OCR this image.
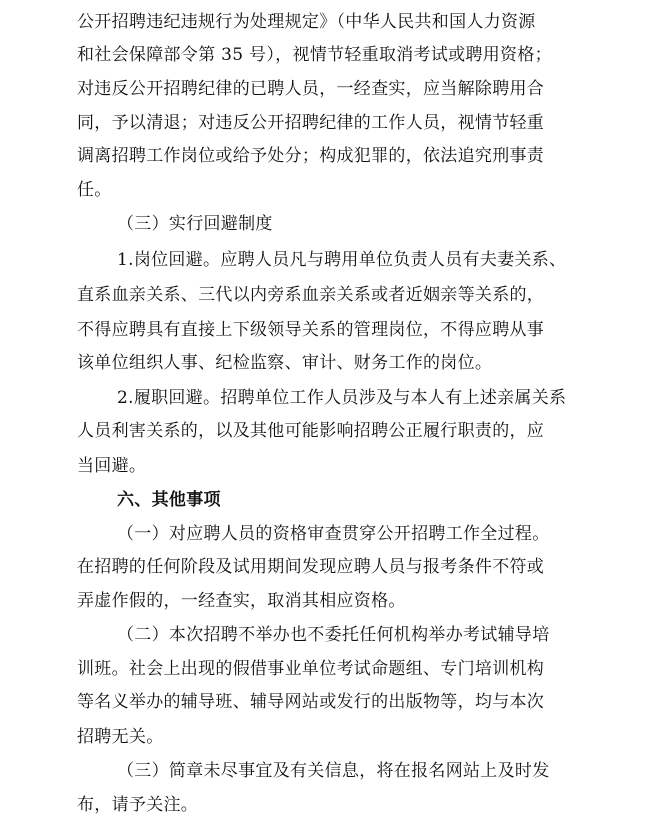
公开招聘违纪违规行为处理规定》（中华人民共和国人力资源
和社会保障部令第 35 号），视情节轻重取消考试或聘用资格；
对违反公开招聘纪律的已聘人员，一经查实，应当解除聘用合
同，予以清退；对违反公开招聘纪律的工作人员，视情节轻重
调离招聘工作岗位或给予处分；构成犯罪的，依法追究刑事责
任。
（三）实行回避制度
1.岗位回避。应聘人员凡与聘用单位负责人员有夫妻关系、
直系血亲关系、三代以内旁系血亲关系或者近姻亲等关系的，
不得应聘具有直接上下级领导关系的管理岗位，不得应聘从事
该单位组织人事、纪检监察、审计、财务工作的岗位。
2.履职回避。招聘单位工作人员涉及与本人有上述亲属关系
人员利害关系的，以及其他可能影响招聘公正履行职责的，应
当回避。
六、其他事项
（一）对应聘人员的资格审查贯穿公开招聘工作全过程。
在招聘的任何阶段及试用期间发现应聘人员与报考条件不符或
弄虚作假的，一经查实，取消其相应资格。
（二）本次招聘不举办也不委托任何机构举办考试辅导培
训班。社会上出现的假借事业单位考试命题组、专门培训机构
等名义举办的辅导班、辅导网站或发行的出版物等，均与本次
招聘无关。
（三）简章未尽事宜及有关信息，将在报名网站上及时发
布，请予关注。
